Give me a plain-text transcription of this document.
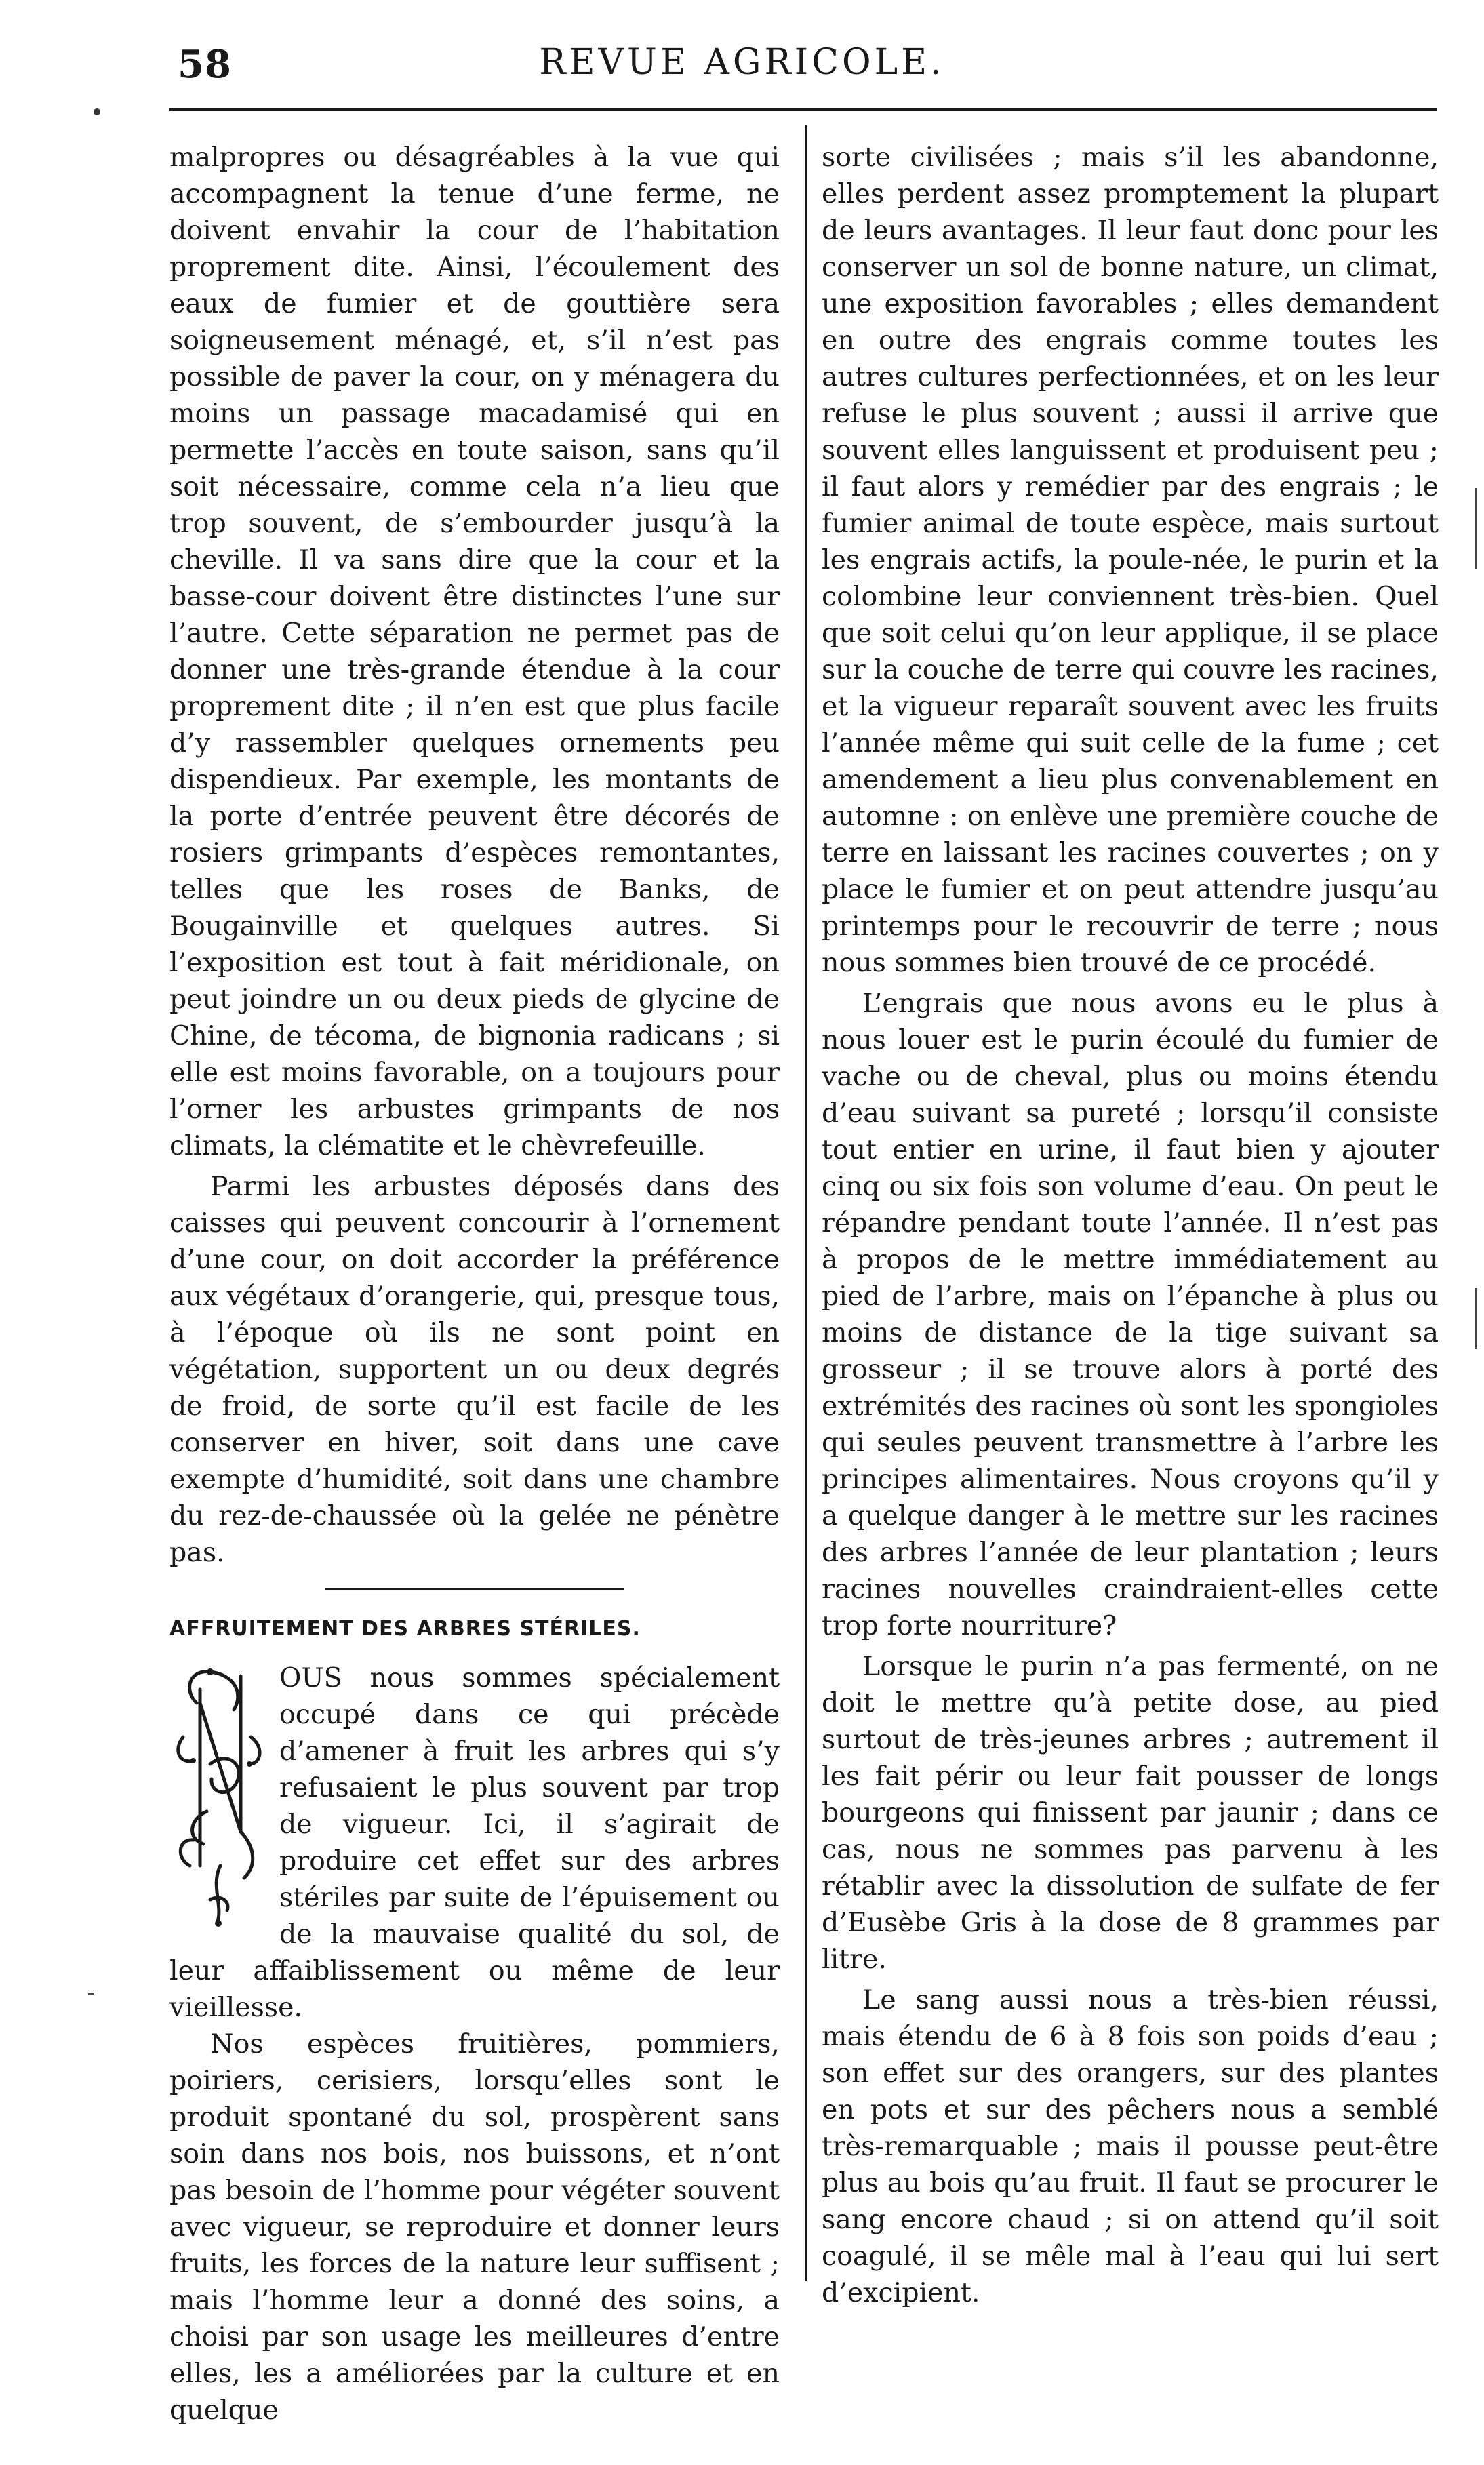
58	REVUE AGRICOLE.

malpropres ou désagréables à la vue qui accompagnent la tenue d’une ferme, ne doivent envahir la cour de l’habitation proprement dite. Ainsi, l’écoulement des eaux de fumier et de gouttière sera soigneusement ménagé, et, s’il n’est pas possible de paver la cour, on y ménagera du moins un passage macadamisé qui en permette l’accès en toute saison, sans qu’il soit nécessaire, comme cela n’a lieu que trop souvent, de s’embourder jusqu’à la cheville. Il va sans dire que la cour et la basse-cour doivent être distinctes l’une sur l’autre. Cette séparation ne permet pas de donner une très-grande étendue à la cour proprement dite ; il n’en est que plus facile d’y rassembler quelques ornements peu dispendieux. Par exemple, les montants de la porte d’entrée peuvent être décorés de rosiers grimpants d’espèces remontantes, telles que les roses de Banks, de Bougainville et quelques autres. Si l’exposition est tout à fait méridionale, on peut joindre un ou deux pieds de glycine de Chine, de técoma, de bignonia radicans ; si elle est moins favorable, on a toujours pour l’orner les arbustes grimpants de nos climats, la clématite et le chèvrefeuille.

Parmi les arbustes déposés dans des caisses qui peuvent concourir à l’ornement d’une cour, on doit accorder la préférence aux végétaux d’orangerie, qui, presque tous, à l’époque où ils ne sont point en végétation, supportent un ou deux degrés de froid, de sorte qu’il est facile de les conserver en hiver, soit dans une cave exempte d’humidité, soit dans une chambre du rez-de-chaussée où la gelée ne pénètre pas.

AFFRUITEMENT DES ARBRES STÉRILES.

OUS nous sommes spécialement occupé dans ce qui précède d’amener à fruit les arbres qui s’y refusaient le plus souvent par trop de vigueur. Ici, il s’agirait de produire cet effet sur des arbres stériles par suite de l’épuisement ou de la mauvaise qualité du sol, de leur affaiblissement ou même de leur vieillesse.

Nos espèces fruitières, pommiers, poiriers, cerisiers, lorsqu’elles sont le produit spontané du sol, prospèrent sans soin dans nos bois, nos buissons, et n’ont pas besoin de l’homme pour végéter souvent avec vigueur, se reproduire et donner leurs fruits, les forces de la nature leur suffisent ; mais l’homme leur a donné des soins, a choisi par son usage les meilleures d’entre elles, les a améliorées par la culture et en quelque

sorte civilisées ; mais s’il les abandonne, elles perdent assez promptement la plupart de leurs avantages. Il leur faut donc pour les conserver un sol de bonne nature, un climat, une exposition favorables ; elles demandent en outre des engrais comme toutes les autres cultures perfectionnées, et on les leur refuse le plus souvent ; aussi il arrive que souvent elles languissent et produisent peu ; il faut alors y remédier par des engrais ; le fumier animal de toute espèce, mais surtout les engrais actifs, la poule-née, le purin et la colombine leur conviennent très-bien. Quel que soit celui qu’on leur applique, il se place sur la couche de terre qui couvre les racines, et la vigueur reparaît souvent avec les fruits l’année même qui suit celle de la fume ; cet amendement a lieu plus convenablement en automne : on enlève une première couche de terre en laissant les racines couvertes ; on y place le fumier et on peut attendre jusqu’au printemps pour le recouvrir de terre ; nous nous sommes bien trouvé de ce procédé.

L’engrais que nous avons eu le plus à nous louer est le purin écoulé du fumier de vache ou de cheval, plus ou moins étendu d’eau suivant sa pureté ; lorsqu’il consiste tout entier en urine, il faut bien y ajouter cinq ou six fois son volume d’eau. On peut le répandre pendant toute l’année. Il n’est pas à propos de le mettre immédiatement au pied de l’arbre, mais on l’épanche à plus ou moins de distance de la tige suivant sa grosseur ; il se trouve alors à porté des extrémités des racines où sont les spongioles qui seules peuvent transmettre à l’arbre les principes alimentaires. Nous croyons qu’il y a quelque danger à le mettre sur les racines des arbres l’année de leur plantation ; leurs racines nouvelles craindraient-elles cette trop forte nourriture?

Lorsque le purin n’a pas fermenté, on ne doit le mettre qu’à petite dose, au pied surtout de très-jeunes arbres ; autrement il les fait périr ou leur fait pousser de longs bourgeons qui finissent par jaunir ; dans ce cas, nous ne sommes pas parvenu à les rétablir avec la dissolution de sulfate de fer d’Eusèbe Gris à la dose de 8 grammes par litre.

Le sang aussi nous a très-bien réussi, mais étendu de 6 à 8 fois son poids d’eau ; son effet sur des orangers, sur des plantes en pots et sur des pêchers nous a semblé très-remarquable ; mais il pousse peut-être plus au bois qu’au fruit. Il faut se procurer le sang encore chaud ; si on attend qu’il soit coagulé, il se mêle mal à l’eau qui lui sert d’excipient.
